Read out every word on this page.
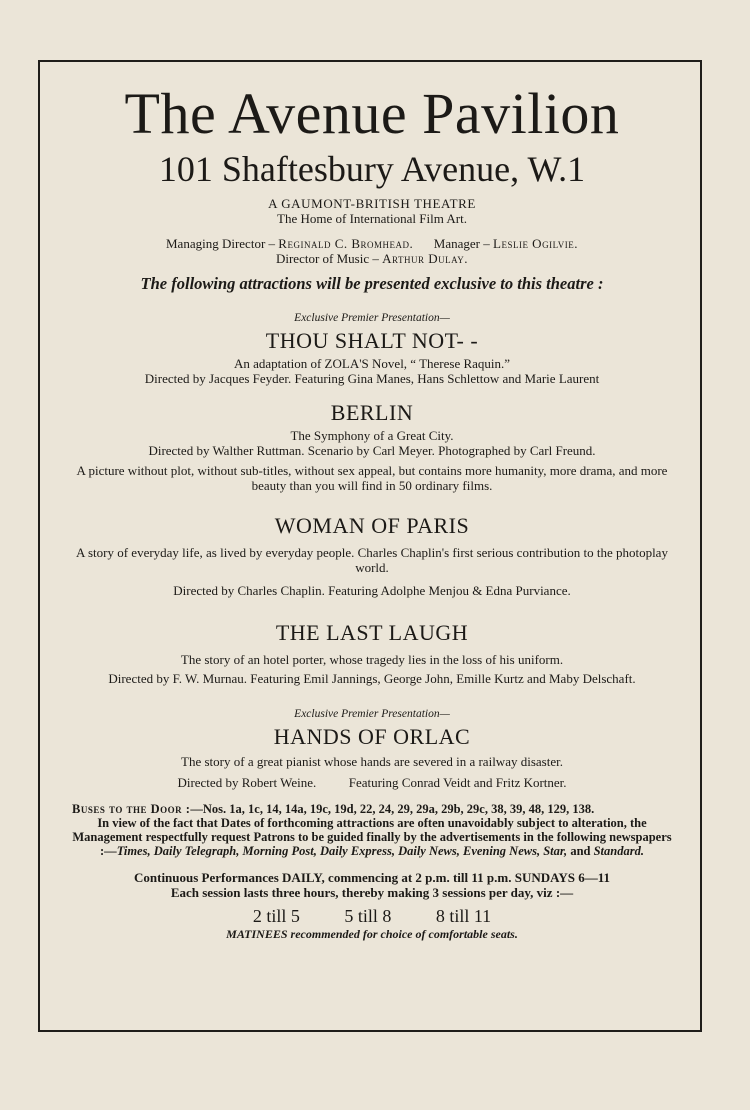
The Avenue Pavilion
101 Shaftesbury Avenue, W.1

A GAUMONT-BRITISH THEATRE

The Home of International Film Art.

Managing Director – Reginald C. Bromhead. Manager – Leslie Ogilvie.

Director of Music – Arthur Dulay.

The following attractions will be presented exclusive to this theatre :

Exclusive Premier Presentation—

THOU SHALT NOT- -

An adaptation of ZOLA'S Novel, “ Therese Raquin.”

Directed by Jacques Feyder. Featuring Gina Manes, Hans Schlettow and Marie Laurent

BERLIN

The Symphony of a Great City.

Directed by Walther Ruttman. Scenario by Carl Meyer. Photographed by Carl Freund.

A picture without plot, without sub-titles, without sex appeal, but contains more humanity, more drama, and more beauty than you will find in 50 ordinary films.

WOMAN OF PARIS

A story of everyday life, as lived by everyday people. Charles Chaplin's first serious contribution to the photoplay world.

Directed by Charles Chaplin. Featuring Adolphe Menjou & Edna Purviance.

THE LAST LAUGH

The story of an hotel porter, whose tragedy lies in the loss of his uniform.

Directed by F. W. Murnau. Featuring Emil Jannings, George John, Emille Kurtz and Maby Delschaft.

Exclusive Premier Presentation—

HANDS OF ORLAC

The story of a great pianist whose hands are severed in a railway disaster.

Directed by Robert Weine.          Featuring Conrad Veidt and Fritz Kortner.

Buses to the Door :—Nos. 1a, 1c, 14, 14a, 19c, 19d, 22, 24, 29, 29a, 29b, 29c, 38, 39, 48, 129, 138.

In view of the fact that Dates of forthcoming attractions are often unavoidably subject to alteration, the Management respectfully request Patrons to be guided finally by the advertisements in the following newspapers :—Times, Daily Telegraph, Morning Post, Daily Express, Daily News, Evening News, Star, and Standard.

Continuous Performances DAILY, commencing at 2 p.m. till 11 p.m. SUNDAYS 6—11

Each session lasts three hours, thereby making 3 sessions per day, viz :—

2 till 5 5 till 8 8 till 11

MATINEES recommended for choice of comfortable seats.
